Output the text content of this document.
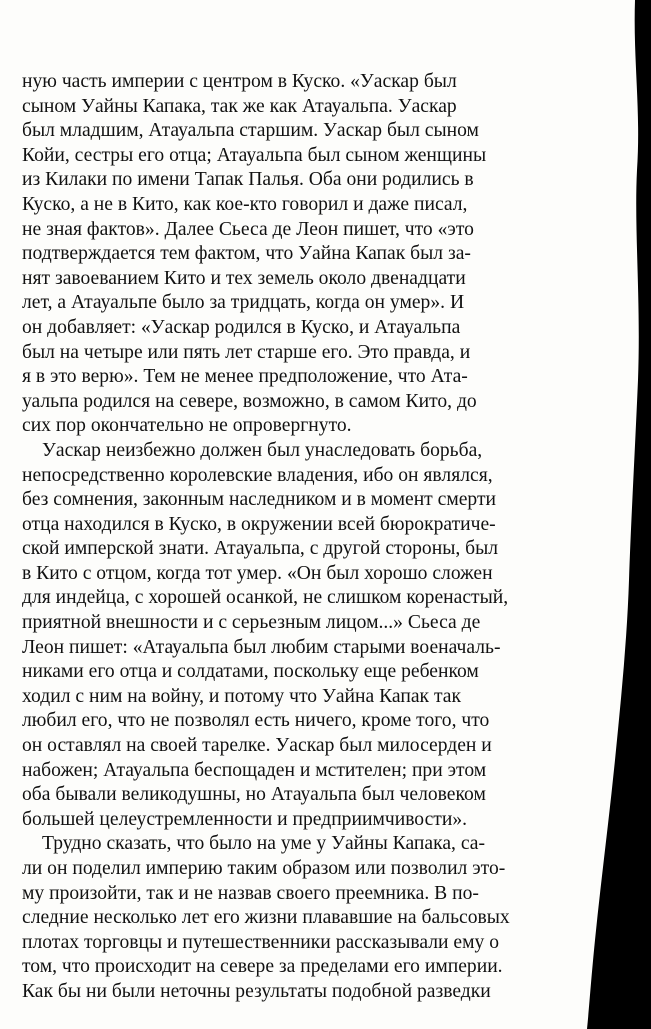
ную часть империи с центром в Куско. «Уаскар был
сыном Уайны Капака, так же как Атауальпа. Уаскар
был младшим, Атауальпа старшим. Уаскар был сыном
Койи, сестры его отца; Атауальпа был сыном женщины
из Килаки по имени Тапак Палья. Оба они родились в
Куско, а не в Кито, как кое-кто говорил и даже писал,
не зная фактов». Далее Сьеса де Леон пишет, что «это
подтверждается тем фактом, что Уайна Капак был за-
нят завоеванием Кито и тех земель около двенадцати
лет, а Атауальпе было за тридцать, когда он умер». И
он добавляет: «Уаскар родился в Куско, и Атауальпа
был на четыре или пять лет старше его. Это правда, и
я в это верю». Тем не менее предположение, что Ата-
уальпа родился на севере, возможно, в самом Кито, до
сих пор окончательно не опровергнуто.
Уаскар неизбежно должен был унаследовать борьба,
непосредственно королевские владения, ибо он являлся,
без сомнения, законным наследником и в момент смерти
отца находился в Куско, в окружении всей бюрократиче-
ской имперской знати. Атауальпа, с другой стороны, был
в Кито с отцом, когда тот умер. «Он был хорошо сложен
для индейца, с хорошей осанкой, не слишком коренастый,
приятной внешности и с серьезным лицом...» Сьеса де
Леон пишет: «Атауальпа был любим старыми военачаль-
никами его отца и солдатами, поскольку еще ребенком
ходил с ним на войну, и потому что Уайна Капак так
любил его, что не позволял есть ничего, кроме того, что
он оставлял на своей тарелке. Уаскар был милосерден и
набожен; Атауальпа беспощаден и мстителен; при этом
оба бывали великодушны, но Атауальпа был человеком
большей целеустремленности и предприимчивости».
Трудно сказать, что было на уме у Уайны Капака, са-
ли он поделил империю таким образом или позволил это-
му произойти, так и не назвав своего преемника. В по-
следние несколько лет его жизни плававшие на бальсовых
плотах торговцы и путешественники рассказывали ему о
том, что происходит на севере за пределами его империи.
Как бы ни были неточны результаты подобной разведки
